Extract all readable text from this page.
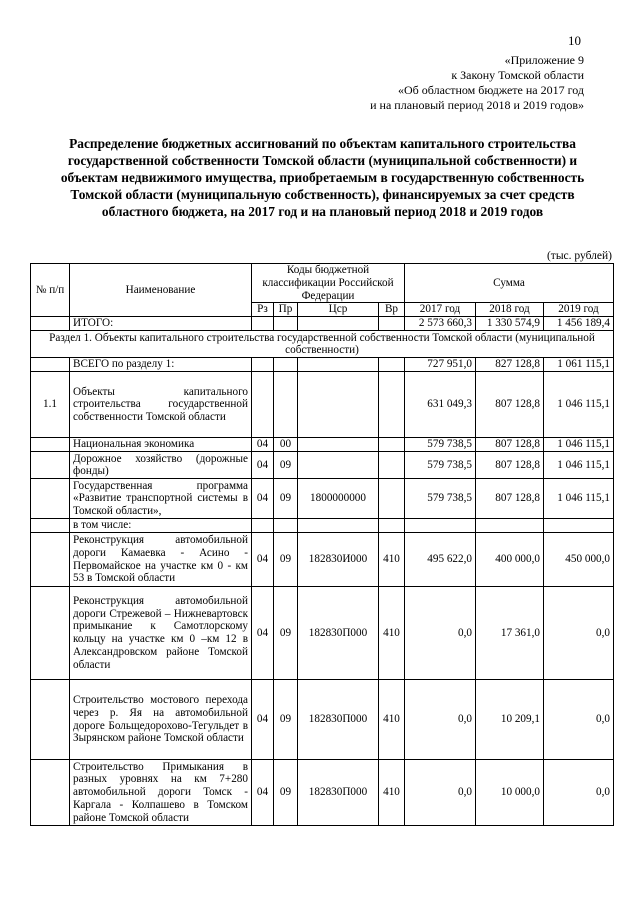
10
«Приложение 9
к Закону Томской области
«Об областном бюджете на 2017 год
и на плановый период 2018 и 2019 годов»
Распределение бюджетных ассигнований по объектам капитального строительства государственной собственности Томской области (муниципальной собственности) и объектам недвижимого имущества, приобретаемым в государственную собственность Томской области (муниципальную собственность), финансируемых за счет средств областного бюджета, на 2017 год и на плановый период 2018 и 2019 годов
(тыс. рублей)
№ п/п	Наименование	Коды бюджетной классификации Российской Федерации				Сумма		
		Рз	Пр	Цср	Вр	2017 год	2018 год	2019 год
	ИТОГО:					2 573 660,3	1 330 574,9	1 456 189,4
Раздел 1. Объекты капитального строительства государственной собственности Томской области (муниципальной собственности)								
	ВСЕГО по разделу 1:					727 951,0	827 128,8	1 061 115,1
1.1	Объекты капитального строительства государственной собственности Томской области					631 049,3	807 128,8	1 046 115,1
	Национальная экономика	04	00			579 738,5	807 128,8	1 046 115,1
	Дорожное хозяйство (дорожные фонды)	04	09			579 738,5	807 128,8	1 046 115,1
	Государственная программа «Развитие транспортной системы в Томской области»,	04	09	1800000000		579 738,5	807 128,8	1 046 115,1
	в том числе:							
	Реконструкция автомобильной дороги Камаевка - Асино - Первомайское на участке км 0 - км 53 в Томской области	04	09	182830И000	410	495 622,0	400 000,0	450 000,0
	Реконструкция автомобильной дороги Стрежевой – Нижневартовск примыкание к Самотлорскому кольцу на участке км 0 –км 12 в Александровском районе Томской области	04	09	182830П000	410	0,0	17 361,0	0,0
	Строительство мостового перехода через р. Яя на автомобильной дороге Больщедорохово-Тегульдет в Зырянском районе Томской области	04	09	182830П000	410	0,0	10 209,1	0,0
	Строительство Примыкания в разных уровнях на км 7+280 автомобильной дороги Томск - Каргала - Колпашево в Томском районе Томской области	04	09	182830П000	410	0,0	10 000,0	0,0
